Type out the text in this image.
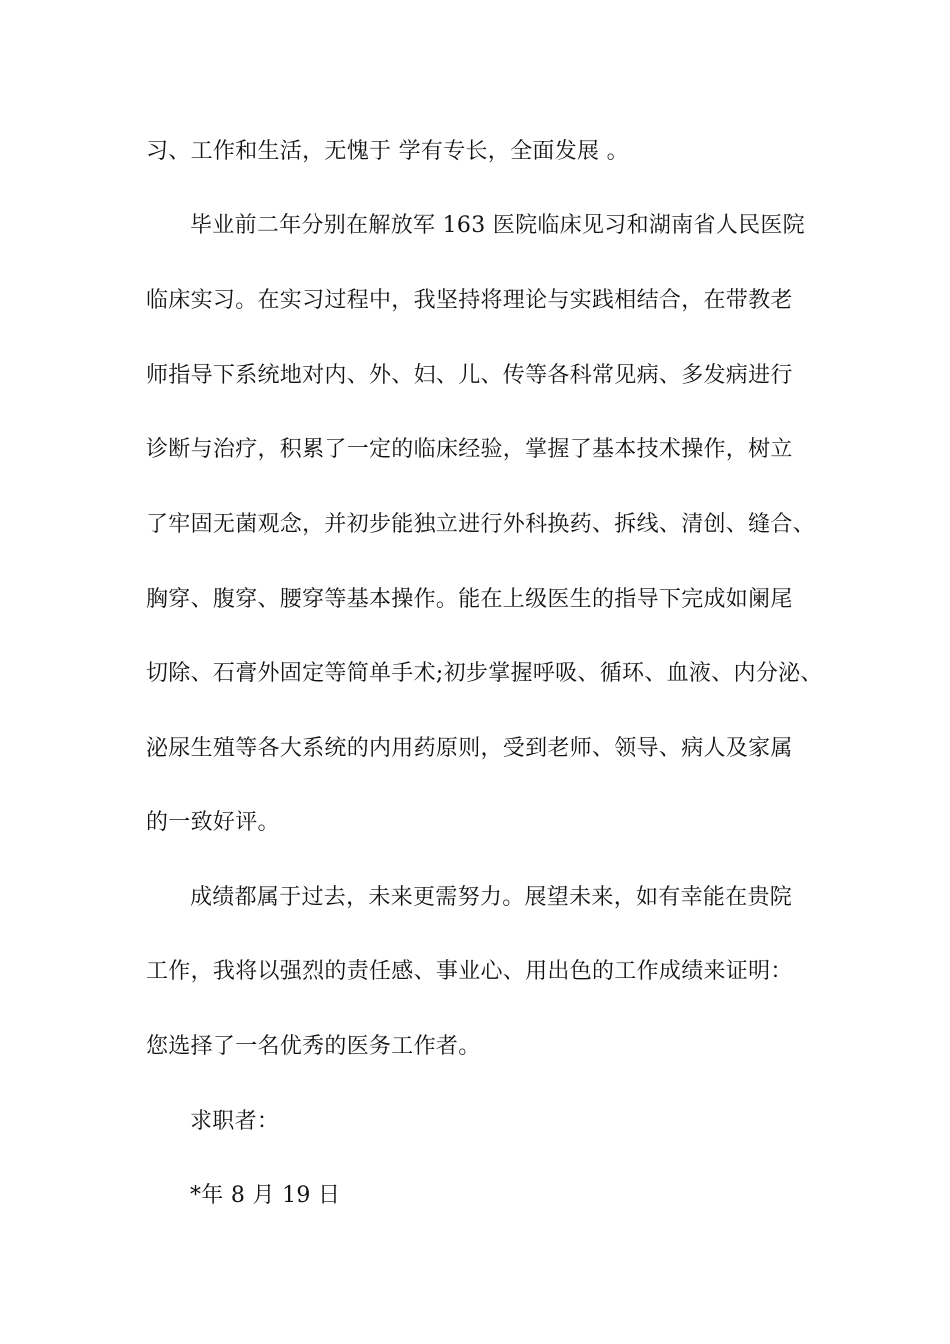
习、工作和生活，无愧于 学有专长，全面发展 。
毕业前二年分别在解放军 163 医院临床见习和湖南省人民医院
临床实习。在实习过程中，我坚持将理论与实践相结合，在带教老
师指导下系统地对内、外、妇、儿、传等各科常见病、多发病进行
诊断与治疗，积累了一定的临床经验，掌握了基本技术操作，树立
了牢固无菌观念，并初步能独立进行外科换药、拆线、清创、缝合、
胸穿、腹穿、腰穿等基本操作。能在上级医生的指导下完成如阑尾
切除、石膏外固定等简单手术;初步掌握呼吸、循环、血液、内分泌、
泌尿生殖等各大系统的内用药原则，受到老师、领导、病人及家属
的一致好评。
成绩都属于过去，未来更需努力。展望未来，如有幸能在贵院
工作，我将以强烈的责任感、事业心、用出色的工作成绩来证明：
您选择了一名优秀的医务工作者。
求职者：
*年 8 月 19 日
